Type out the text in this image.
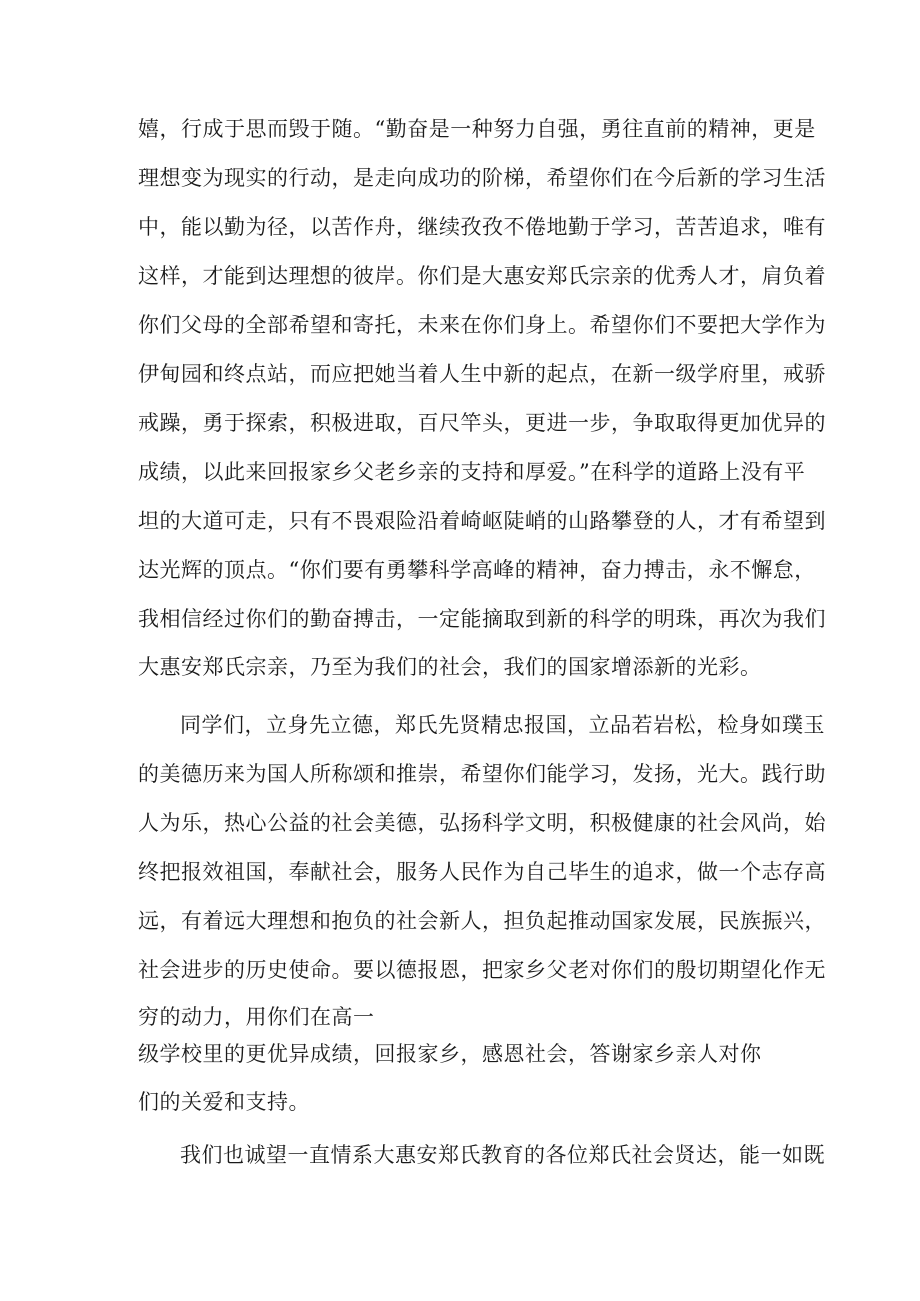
嬉，行成于思而毁于随。“勤奋是一种努力自强，勇往直前的精神，更是
理想变为现实的行动，是走向成功的阶梯，希望你们在今后新的学习生活
中，能以勤为径，以苦作舟，继续孜孜不倦地勤于学习，苦苦追求，唯有
这样，才能到达理想的彼岸。你们是大惠安郑氏宗亲的优秀人才，肩负着
你们父母的全部希望和寄托，未来在你们身上。希望你们不要把大学作为
伊甸园和终点站，而应把她当着人生中新的起点，在新一级学府里，戒骄
戒躁，勇于探索，积极进取，百尺竿头，更进一步，争取取得更加优异的
成绩，以此来回报家乡父老乡亲的支持和厚爱。”在科学的道路上没有平
坦的大道可走，只有不畏艰险沿着崎岖陡峭的山路攀登的人，才有希望到
达光辉的顶点。“你们要有勇攀科学高峰的精神，奋力搏击，永不懈怠，
我相信经过你们的勤奋搏击，一定能摘取到新的科学的明珠，再次为我们
大惠安郑氏宗亲，乃至为我们的社会，我们的国家增添新的光彩。
同学们，立身先立德，郑氏先贤精忠报国，立品若岩松，检身如璞玉
的美德历来为国人所称颂和推崇，希望你们能学习，发扬，光大。践行助
人为乐，热心公益的社会美德，弘扬科学文明，积极健康的社会风尚，始
终把报效祖国，奉献社会，服务人民作为自己毕生的追求，做一个志存高
远，有着远大理想和抱负的社会新人，担负起推动国家发展，民族振兴，
社会进步的历史使命。要以德报恩，把家乡父老对你们的殷切期望化作无
穷的动力，用你们在高一
级学校里的更优异成绩，回报家乡，感恩社会，答谢家乡亲人对你
们的关爱和支持。
我们也诚望一直情系大惠安郑氏教育的各位郑氏社会贤达，能一如既
